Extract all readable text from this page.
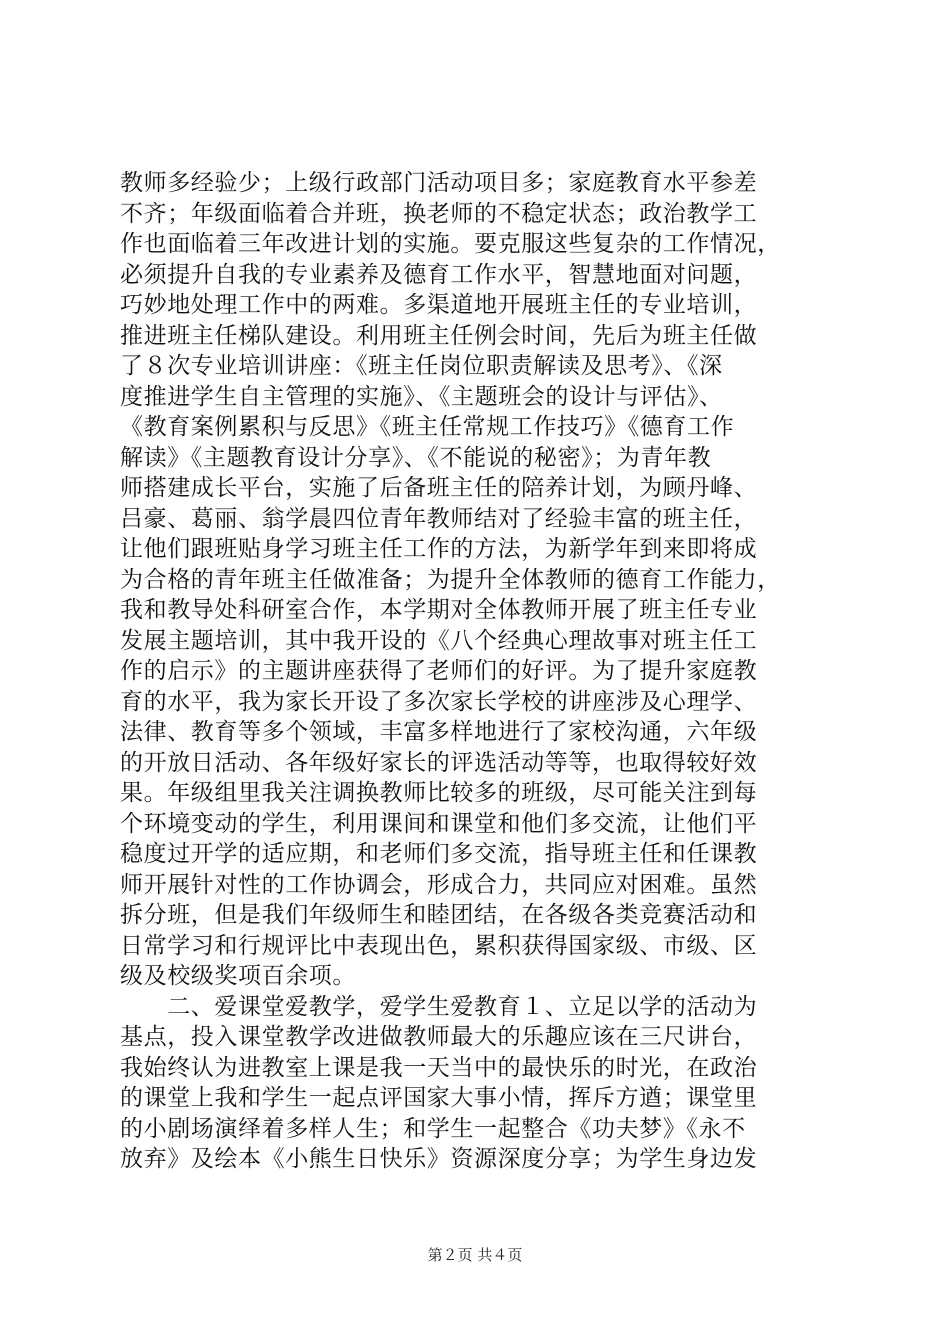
教师多经验少；上级行政部门活动项目多；家庭教育水平参差
不齐；年级面临着合并班，换老师的不稳定状态；政治教学工
作也面临着三年改进计划的实施。要克服这些复杂的工作情况，
必须提升自我的专业素养及德育工作水平，智慧地面对问题，
巧妙地处理工作中的两难。多渠道地开展班主任的专业培训，
推进班主任梯队建设。利用班主任例会时间，先后为班主任做
了８次专业培训讲座：《班主任岗位职责解读及思考》、《深
度推进学生自主管理的实施》、《主题班会的设计与评估》、
《教育案例累积与反思》《班主任常规工作技巧》《德育工作
解读》《主题教育设计分享》、《不能说的秘密》；为青年教
师搭建成长平台，实施了后备班主任的陪养计划，为顾丹峰、
吕豪、葛丽、翁学晨四位青年教师结对了经验丰富的班主任，
让他们跟班贴身学习班主任工作的方法，为新学年到来即将成
为合格的青年班主任做准备；为提升全体教师的德育工作能力，
我和教导处科研室合作，本学期对全体教师开展了班主任专业
发展主题培训，其中我开设的《八个经典心理故事对班主任工
作的启示》的主题讲座获得了老师们的好评。为了提升家庭教
育的水平，我为家长开设了多次家长学校的讲座涉及心理学、
法律、教育等多个领域，丰富多样地进行了家校沟通，六年级
的开放日活动、各年级好家长的评选活动等等，也取得较好效
果。年级组里我关注调换教师比较多的班级，尽可能关注到每
个环境变动的学生，利用课间和课堂和他们多交流，让他们平
稳度过开学的适应期，和老师们多交流，指导班主任和任课教
师开展针对性的工作协调会，形成合力，共同应对困难。虽然
拆分班，但是我们年级师生和睦团结，在各级各类竞赛活动和
日常学习和行规评比中表现出色，累积获得国家级、市级、区
级及校级奖项百余项。
　　二、爱课堂爱教学，爱学生爱教育１、立足以学的活动为
基点，投入课堂教学改进做教师最大的乐趣应该在三尺讲台，
我始终认为进教室上课是我一天当中的最快乐的时光，在政治
的课堂上我和学生一起点评国家大事小情，挥斥方遒；课堂里
的小剧场演绎着多样人生；和学生一起整合《功夫梦》《永不
放弃》及绘本《小熊生日快乐》资源深度分享；为学生身边发
第２页 共４页
